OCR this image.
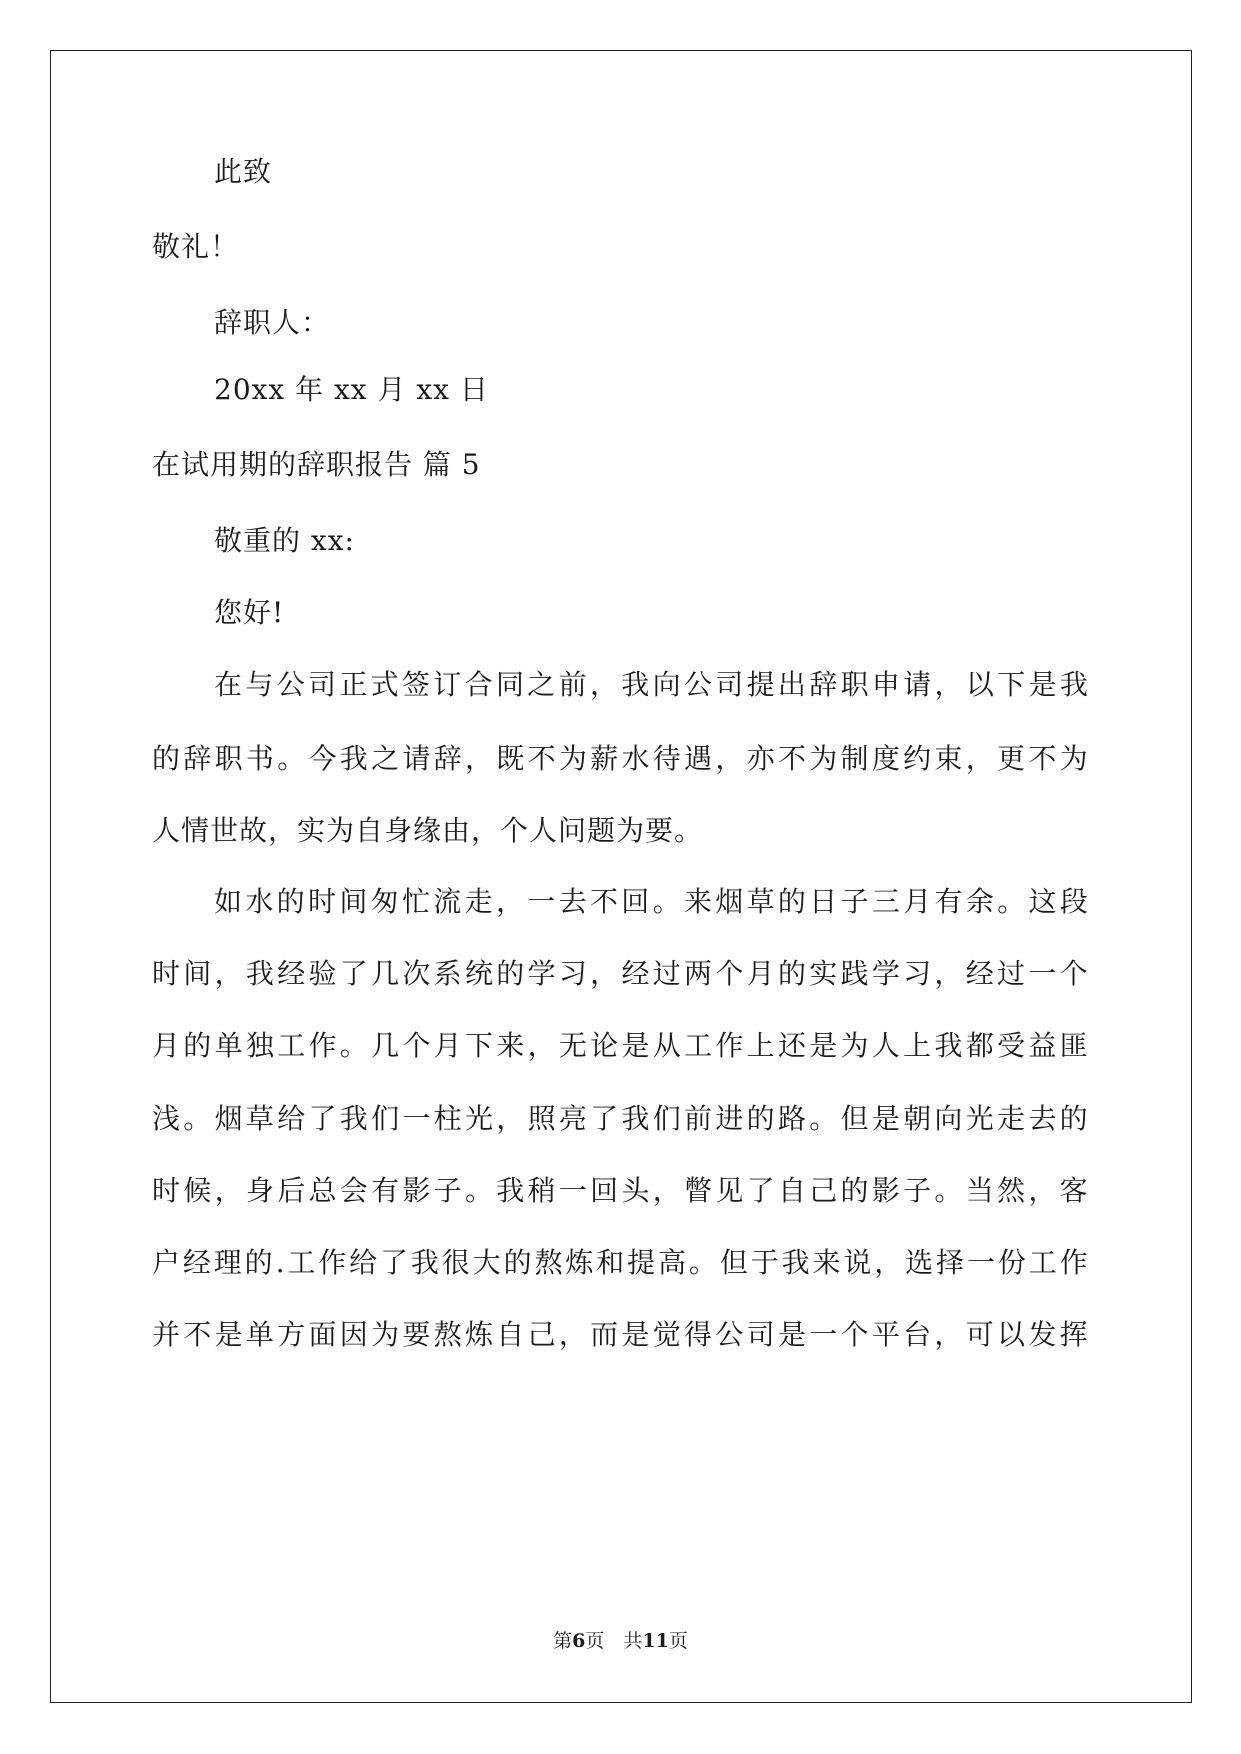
此致
敬礼！
辞职人：
20xx 年 xx 月 xx 日
在试用期的辞职报告 篇 5
敬重的 xx:
您好!
在 与 公 司 正 式 签 订 合 同 之 前 ， 我 向 公 司 提 出 辞 职 申 请 ， 以 下 是 我
的 辞 职 书 。 今 我 之 请 辞 ， 既 不 为 薪 水 待 遇 ， 亦 不 为 制 度 约 束 ， 更 不 为
人情世故，实为自身缘由，个人问题为要。
如 水 的 时 间 匆 忙 流 走 ， 一 去 不 回 。 来 烟 草 的 日 子 三 月 有 余 。 这 段
时 间 ， 我 经 验 了 几 次 系 统 的 学 习 ， 经 过 两 个 月 的 实 践 学 习 ， 经 过 一 个
月 的 单 独 工 作 。 几 个 月 下 来 ， 无 论 是 从 工 作 上 还 是 为 人 上 我 都 受 益 匪
浅 。 烟 草 给 了 我 们 一 柱 光 ， 照 亮 了 我 们 前 进 的 路 。 但 是 朝 向 光 走 去 的
时 候 ， 身 后 总 会 有 影 子 。 我 稍 一 回 头 ， 瞥 见 了 自 己 的 影 子 。 当 然 ， 客
户 经 理 的 . 工 作 给 了 我 很 大 的 熬 炼 和 提 高 。 但 于 我 来 说 ， 选 择 一 份 工 作
并 不 是 单 方 面 因 为 要 熬 炼 自 己 ， 而 是 觉 得 公 司 是 一 个 平 台 ， 可 以 发 挥
第6页　共11页
